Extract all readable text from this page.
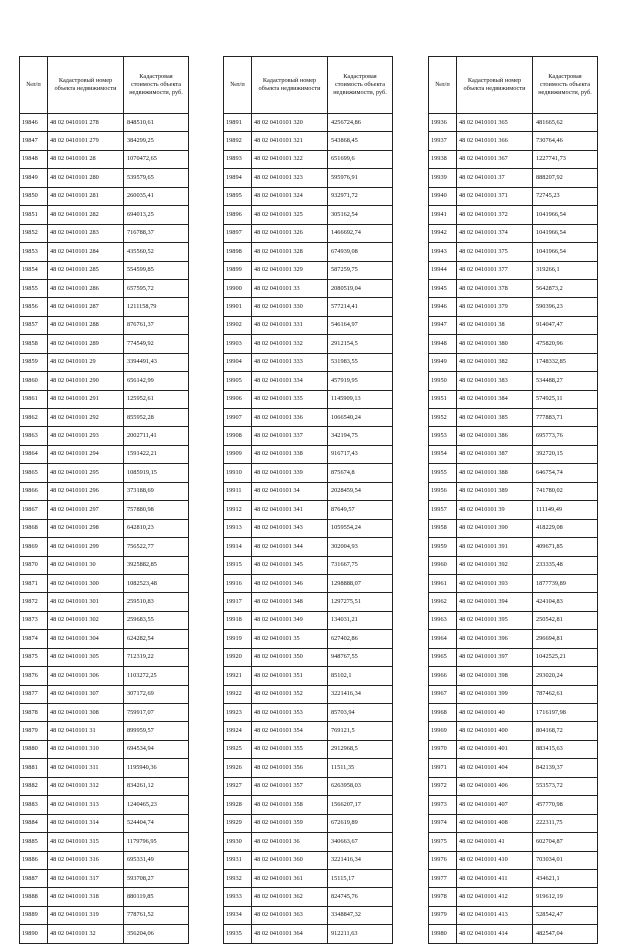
№п/п	Кадастровый номер объекта недвижимости	Кадастровая стоимость объекта недвижимости, руб.
19846	48 02 0410101 278	848510,61
19847	48 02 0410101 279	384299,25
19848	48 02 0410101 28	1070472,65
19849	48 02 0410101 280	539579,65
19850	48 02 0410101 281	260035,41
19851	48 02 0410101 282	694013,25
19852	48 02 0410101 283	716788,37
19853	48 02 0410101 284	435560,52
19854	48 02 0410101 285	554599,85
19855	48 02 0410101 286	657595,72
19856	48 02 0410101 287	1211158,79
19857	48 02 0410101 288	876761,37
19858	48 02 0410101 289	774549,92
19859	48 02 0410101 29	3394491,43
19860	48 02 0410101 290	656142,99
19861	48 02 0410101 291	125952,61
19862	48 02 0410101 292	855952,28
19863	48 02 0410101 293	2002711,41
19864	48 02 0410101 294	1591422,21
19865	48 02 0410101 295	1085919,15
19866	48 02 0410101 296	373188,69
19867	48 02 0410101 297	757880,98
19868	48 02 0410101 298	642810,23
19869	48 02 0410101 299	756522,77
19870	48 02 0410101 30	3925882,85
19871	48 02 0410101 300	1082523,48
19872	48 02 0410101 301	259510,83
19873	48 02 0410101 302	259683,55
19874	48 02 0410101 304	624282,54
19875	48 02 0410101 305	712319,22
19876	48 02 0410101 306	1103272,25
19877	48 02 0410101 307	307172,69
19878	48 02 0410101 308	759917,07
19879	48 02 0410101 31	899959,57
19880	48 02 0410101 310	694534,94
19881	48 02 0410101 311	1195940,36
19882	48 02 0410101 312	834261,12
19883	48 02 0410101 313	1240465,23
19884	48 02 0410101 314	524404,74
19885	48 02 0410101 315	1179796,95
19886	48 02 0410101 316	695331,49
19887	48 02 0410101 317	593708,27
19888	48 02 0410101 318	880119,85
19889	48 02 0410101 319	778761,52
19890	48 02 0410101 32	356204,06
№п/п	Кадастровый номер объекта недвижимости	Кадастровая стоимость объекта недвижимости, руб.
19891	48 02 0410101 320	4256724,86
19892	48 02 0410101 321	543868,45
19893	48 02 0410101 322	651699,6
19894	48 02 0410101 323	595976,91
19895	48 02 0410101 324	932971,72
19896	48 02 0410101 325	305162,54
19897	48 02 0410101 326	1466692,74
19898	48 02 0410101 328	674939,08
19899	48 02 0410101 329	587259,75
19900	48 02 0410101 33	2080519,04
19901	48 02 0410101 330	577214,41
19902	48 02 0410101 331	546164,97
19903	48 02 0410101 332	2912154,5
19904	48 02 0410101 333	531983,55
19905	48 02 0410101 334	457919,95
19906	48 02 0410101 335	1145909,13
19907	48 02 0410101 336	1066540,24
19908	48 02 0410101 337	342194,75
19909	48 02 0410101 338	916717,43
19910	48 02 0410101 339	875674,8
19911	48 02 0410101 34	2028459,54
19912	48 02 0410101 341	87649,57
19913	48 02 0410101 343	1059554,24
19914	48 02 0410101 344	302004,93
19915	48 02 0410101 345	731667,75
19916	48 02 0410101 346	1298888,07
19917	48 02 0410101 348	1297275,51
19918	48 02 0410101 349	134031,21
19919	48 02 0410101 35	627402,86
19920	48 02 0410101 350	948767,55
19921	48 02 0410101 351	85102,1
19922	48 02 0410101 352	3221416,34
19923	48 02 0410101 353	85703,94
19924	48 02 0410101 354	769121,5
19925	48 02 0410101 355	2912968,5
19926	48 02 0410101 356	11511,35
19927	48 02 0410101 357	6263958,03
19928	48 02 0410101 358	1566207,17
19929	48 02 0410101 359	672619,89
19930	48 02 0410101 36	340663,67
19931	48 02 0410101 360	3221416,34
19932	48 02 0410101 361	15115,17
19933	48 02 0410101 362	824745,76
19934	48 02 0410101 363	3348847,32
19935	48 02 0410101 364	912211,63
№п/п	Кадастровый номер объекта недвижимости	Кадастровая стоимость объекта недвижимости, руб.
19936	48 02 0410101 365	481665,62
19937	48 02 0410101 366	730764,46
19938	48 02 0410101 367	1227741,73
19939	48 02 0410101 37	888207,92
19940	48 02 0410101 371	72745,23
19941	48 02 0410101 372	1041966,54
19942	48 02 0410101 374	1041966,54
19943	48 02 0410101 375	1041966,54
19944	48 02 0410101 377	319266,1
19945	48 02 0410101 378	5642873,2
19946	48 02 0410101 379	590396,23
19947	48 02 0410101 38	914047,47
19948	48 02 0410101 380	475820,96
19949	48 02 0410101 382	1748332,85
19950	48 02 0410101 383	534488,27
19951	48 02 0410101 384	574925,11
19952	48 02 0410101 385	777883,71
19953	48 02 0410101 386	695773,76
19954	48 02 0410101 387	392720,15
19955	48 02 0410101 388	646754,74
19956	48 02 0410101 389	741780,02
19957	48 02 0410101 39	111149,49
19958	48 02 0410101 390	418229,08
19959	48 02 0410101 391	409671,85
19960	48 02 0410101 392	233335,48
19961	48 02 0410101 393	1877739,89
19962	48 02 0410101 394	424104,83
19963	48 02 0410101 395	250542,81
19964	48 02 0410101 396	296694,81
19965	48 02 0410101 397	1042525,21
19966	48 02 0410101 398	293020,24
19967	48 02 0410101 399	787462,61
19968	48 02 0410101 40	1716197,98
19969	48 02 0410101 400	804168,72
19970	48 02 0410101 401	883415,63
19971	48 02 0410101 404	842139,37
19972	48 02 0410101 406	553573,72
19973	48 02 0410101 407	457770,98
19974	48 02 0410101 408	222311,75
19975	48 02 0410101 41	602704,87
19976	48 02 0410101 410	703034,01
19977	48 02 0410101 411	434621,1
19978	48 02 0410101 412	919612,19
19979	48 02 0410101 413	528542,47
19980	48 02 0410101 414	482547,04
